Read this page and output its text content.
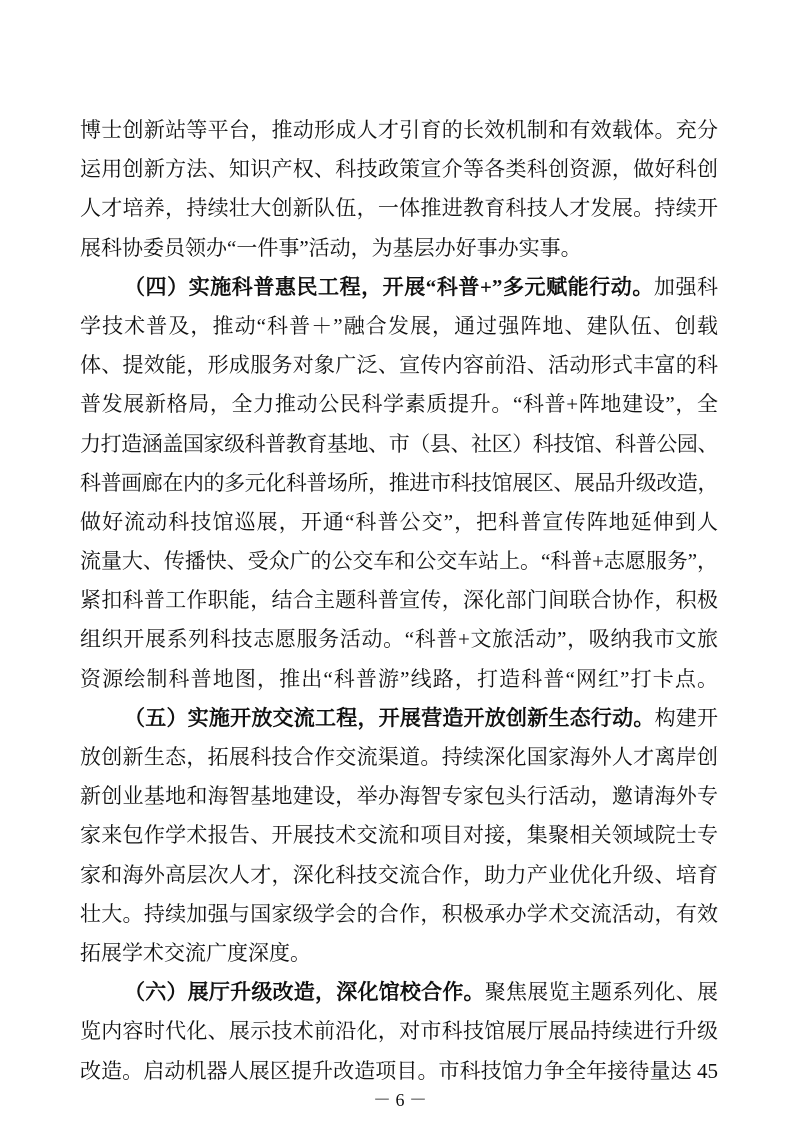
博士创新站等平台，推动形成人才引育的长效机制和有效载体。充分
运用创新方法、知识产权、科技政策宣介等各类科创资源，做好科创
人才培养，持续壮大创新队伍，一体推进教育科技人才发展。持续开
展科协委员领办“一件事”活动，为基层办好事办实事。
（四）实施科普惠民工程，开展“科普+”多元赋能行动。加强科
学技术普及，推动“科普＋”融合发展，通过强阵地、建队伍、创载
体、提效能，形成服务对象广泛、宣传内容前沿、活动形式丰富的科
普发展新格局，全力推动公民科学素质提升。“科普+阵地建设”，全
力打造涵盖国家级科普教育基地、市（县、社区）科技馆、科普公园、
科普画廊在内的多元化科普场所，推进市科技馆展区、展品升级改造，
做好流动科技馆巡展，开通“科普公交”，把科普宣传阵地延伸到人
流量大、传播快、受众广的公交车和公交车站上。“科普+志愿服务”，
紧扣科普工作职能，结合主题科普宣传，深化部门间联合协作，积极
组织开展系列科技志愿服务活动。“科普+文旅活动”，吸纳我市文旅
资源绘制科普地图，推出“科普游”线路，打造科普“网红”打卡点。
（五）实施开放交流工程，开展营造开放创新生态行动。构建开
放创新生态，拓展科技合作交流渠道。持续深化国家海外人才离岸创
新创业基地和海智基地建设，举办海智专家包头行活动，邀请海外专
家来包作学术报告、开展技术交流和项目对接，集聚相关领域院士专
家和海外高层次人才，深化科技交流合作，助力产业优化升级、培育
壮大。持续加强与国家级学会的合作，积极承办学术交流活动，有效
拓展学术交流广度深度。
（六）展厅升级改造，深化馆校合作。聚焦展览主题系列化、展
览内容时代化、展示技术前沿化，对市科技馆展厅展品持续进行升级
改造。启动机器人展区提升改造项目。市科技馆力争全年接待量达 45
－ 6 －
